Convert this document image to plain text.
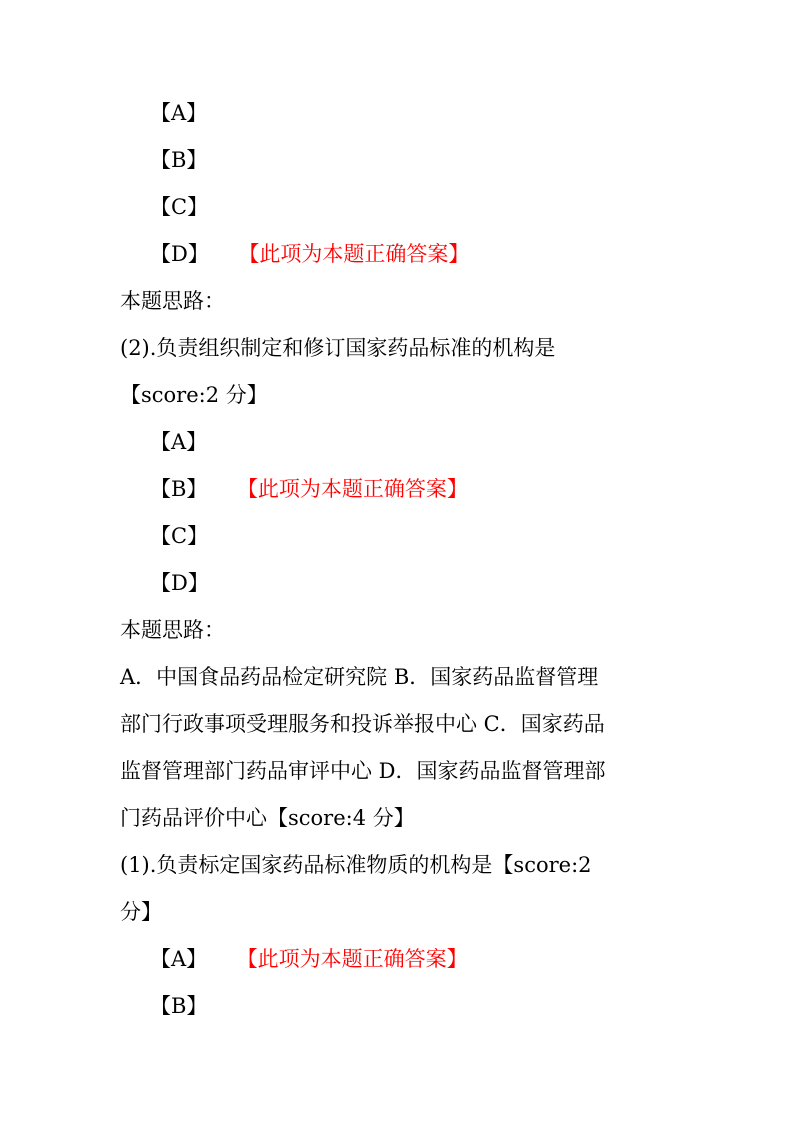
【A】
【B】
【C】
【D】 【此项为本题正确答案】
本题思路：
(2).负责组织制定和修订国家药品标准的机构是
【score:2 分】
【A】
【B】 【此项为本题正确答案】
【C】
【D】
本题思路：
A．中国食品药品检定研究院 B．国家药品监督管理
部门行政事项受理服务和投诉举报中心 C．国家药品
监督管理部门药品审评中心 D．国家药品监督管理部
门药品评价中心【score:4 分】
(1).负责标定国家药品标准物质的机构是【score:2
分】
【A】 【此项为本题正确答案】
【B】
